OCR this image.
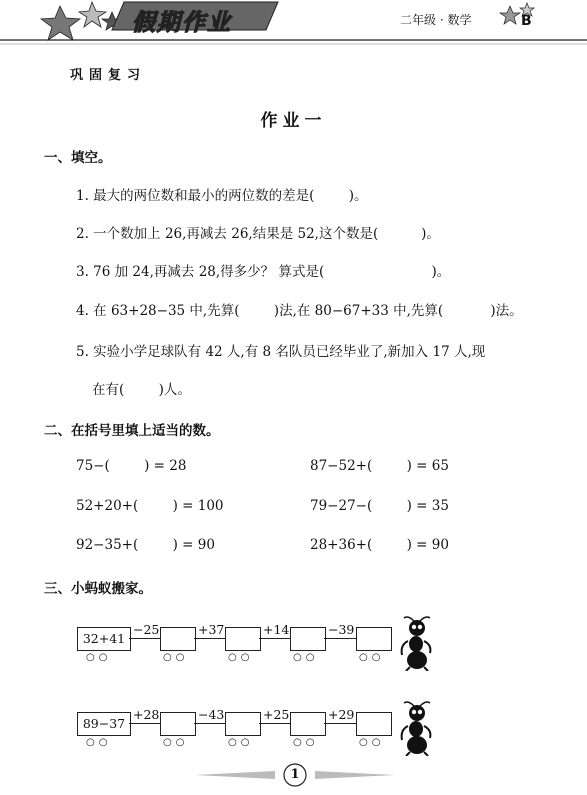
假期作业	二年级 · 数学	B
巩固复习
作业一
一、填空。
1. 最大的两位数和最小的两位数的差是(        )。
2. 一个数加上 26,再减去 26,结果是 52,这个数是(          )。
3. 76 加 24,再减去 28,得多少？ 算式是(                         )。
4. 在 63+28−35 中,先算(        )法,在 80−67+33 中,先算(           )法。
5. 实验小学足球队有 42 人,有 8 名队员已经毕业了,新加入 17 人,现
在有(        )人。
二、在括号里填上适当的数。
75−(        ) = 28	87−52+(        ) = 65
52+20+(        ) = 100	79−27−(        ) = 35
92−35+(        ) = 90	28+36+(        ) = 90
三、小蚂蚁搬家。
32+41
○○
−25
○○
+37
○○
+14
○○
−39
○○
89−37
○○
+28
○○
−43
○○
+25
○○
+29
○○
1
